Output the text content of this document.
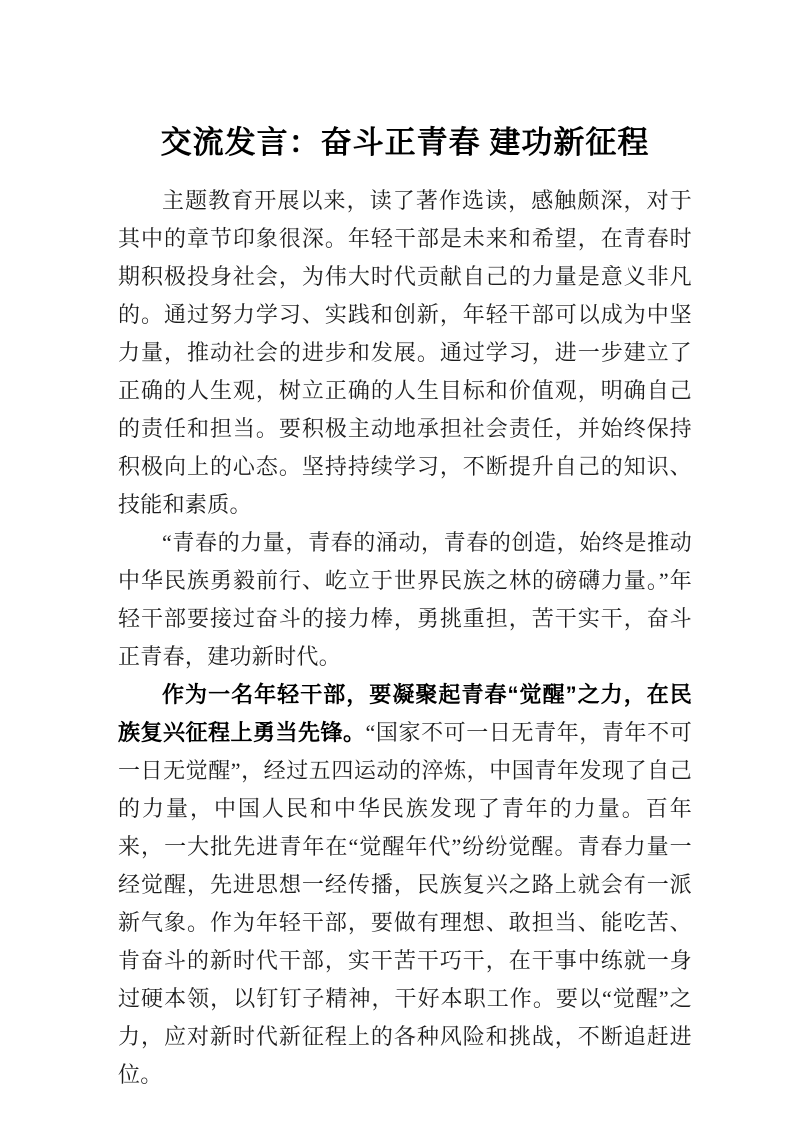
交流发言：奋斗正青春 建功新征程

主题教育开展以来，读了著作选读，感触颇深，对于其中的章节印象很深。年轻干部是未来和希望，在青春时期积极投身社会，为伟大时代贡献自己的力量是意义非凡的。通过努力学习、实践和创新，年轻干部可以成为中坚力量，推动社会的进步和发展。通过学习，进一步建立了正确的人生观，树立正确的人生目标和价值观，明确自己的责任和担当。要积极主动地承担社会责任，并始终保持积极向上的心态。坚持持续学习，不断提升自己的知识、技能和素质。

“青春的力量，青春的涌动，青春的创造，始终是推动中华民族勇毅前行、屹立于世界民族之林的磅礴力量。”年轻干部要接过奋斗的接力棒，勇挑重担，苦干实干，奋斗正青春，建功新时代。

作为一名年轻干部，要凝聚起青春“觉醒”之力，在民族复兴征程上勇当先锋。“国家不可一日无青年，青年不可一日无觉醒”，经过五四运动的淬炼，中国青年发现了自己的力量，中国人民和中华民族发现了青年的力量。百年来，一大批先进青年在“觉醒年代”纷纷觉醒。青春力量一经觉醒，先进思想一经传播，民族复兴之路上就会有一派新气象。作为年轻干部，要做有理想、敢担当、能吃苦、肯奋斗的新时代干部，实干苦干巧干，在干事中练就一身过硬本领，以钉钉子精神，干好本职工作。要以“觉醒”之力，应对新时代新征程上的各种风险和挑战，不断追赶进位。
